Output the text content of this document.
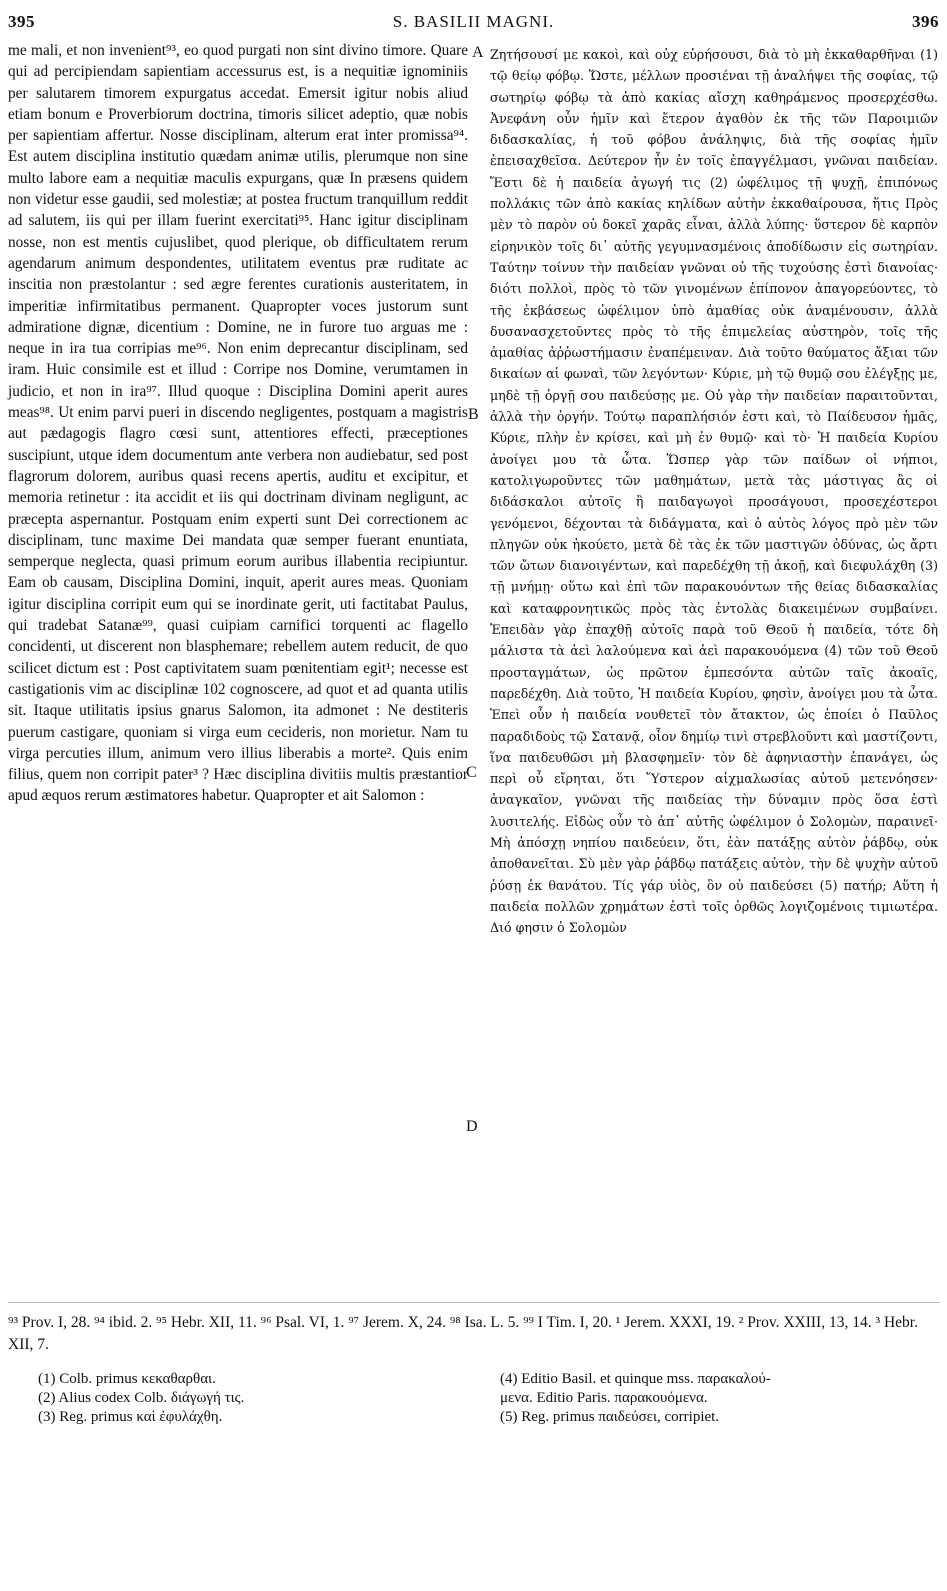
395	S. BASILII MAGNI.	396

me mali, et non invenient⁹³, eo quod purgati non sint divino timore. Quare qui ad percipiendam sapientiam accessurus est, is a nequitiæ ignominiis per salutarem timorem expurgatus accedat. Emersit igitur nobis aliud etiam bonum e Proverbiorum doctrina, timoris silicet adeptio, quæ nobis per sapientiam affertur. Nosse disciplinam, alterum erat inter promissa⁹⁴. Est autem disciplina institutio quædam animæ utilis, plerumque non sine multo labore eam a nequitiæ maculis expurgans, quæ In præsens quidem non videtur esse gaudii, sed molestiæ; at postea fructum tranquillum reddit ad salutem, iis qui per illam fuerint exercitati⁹⁵. Hanc igitur disciplinam nosse, non est mentis cujuslibet, quod plerique, ob difficultatem rerum agendarum animum despondentes, utilitatem eventus præ ruditate ac inscitia non præstolantur : sed ægre ferentes curationis austeritatem, in imperitiæ infirmitatibus permanent. Quapropter voces justorum sunt admiratione dignæ, dicentium : Domine, ne in furore tuo arguas me : neque in ira tua corripias me⁹⁶. Non enim deprecantur disciplinam, sed iram. Huic consimile est et illud : Corripe nos Domine, verumtamen in judicio, et non in ira⁹⁷. Illud quoque : Disciplina Domini aperit aures meas⁹⁸. Ut enim parvi pueri in discendo negligentes, postquam a magistris aut pædagogis flagro cœsi sunt, attentiores effecti, præceptiones suscipiunt, utque idem documentum ante verbera non audiebatur, sed post flagrorum dolorem, auribus quasi recens apertis, auditu et excipitur, et memoria retinetur : ita accidit et iis qui doctrinam divinam negligunt, ac præcepta aspernantur. Postquam enim experti sunt Dei correctionem ac disciplinam, tunc maxime Dei mandata quæ semper fuerant enuntiata, semperque neglecta, quasi primum eorum auribus illabentia recipiuntur. Eam ob causam, Disciplina Domini, inquit, aperit aures meas. Quoniam igitur disciplina corripit eum qui se inordinate gerit, uti factitabat Paulus, qui tradebat Satanæ⁹⁹, quasi cuipiam carnifici torquenti ac flagello concidenti, ut discerent non blasphemare; rebellem autem reducit, de quo scilicet dictum est : Post captivitatem suam pœnitentiam egit¹; necesse est castigationis vim ac disciplinæ 102 cognoscere, ad quot et ad quanta utilis sit. Itaque utilitatis ipsius gnarus Salomon, ita admonet : Ne destiteris puerum castigare, quoniam si virga eum cecideris, non morietur. Nam tu virga percuties illum, animum vero illius liberabis a morte². Quis enim filius, quem non corripit pater³ ? Hæc disciplina divitiis multis præstantior apud æquos rerum æstimatores habetur. Quapropter et ait Salomon :

A
B
C
D

Ζητήσουσί με κακοὶ, καὶ οὐχ εὑρήσουσι, διὰ τὸ μὴ ἐκκαθαρθῆναι (1) τῷ θείῳ φόβῳ. Ὥστε, μέλλων προσιέναι τῇ ἀναλήψει τῆς σοφίας, τῷ σωτηρίῳ φόβῳ τὰ ἀπὸ κακίας αἴσχη καθηράμενος προσερχέσθω. Ἀνεφάνη οὖν ἡμῖν καὶ ἕτερον ἀγαθὸν ἐκ τῆς τῶν Παροιμιῶν διδασκαλίας, ἡ τοῦ φόβου ἀνάληψις, διὰ τῆς σοφίας ἡμῖν ἐπεισαχθεῖσα. Δεύτερον ἦν ἐν τοῖς ἐπαγγέλμασι, γνῶναι παιδείαν. Ἔστι δὲ ἡ παιδεία ἀγωγή τις (2) ὠφέλιμος τῇ ψυχῇ, ἐπιπόνως πολλάκις τῶν ἀπὸ κακίας κηλίδων αὐτὴν ἐκκαθαίρουσα, ἥτις Πρὸς μὲν τὸ παρὸν οὐ δοκεῖ χαρᾶς εἶναι, ἀλλὰ λύπης· ὕστερον δὲ καρπὸν εἰρηνικὸν τοῖς δι᾿ αὐτῆς γεγυμνασμένοις ἀποδίδωσιν εἰς σωτηρίαν. Ταύτην τοίνυν τὴν παιδείαν γνῶναι οὐ τῆς τυχούσης ἐστὶ διανοίας· διότι πολλοὶ, πρὸς τὸ τῶν γινομένων ἐπίπονον ἀπαγορεύοντες, τὸ τῆς ἐκβάσεως ὠφέλιμον ὑπὸ ἀμαθίας οὐκ ἀναμένουσιν, ἀλλὰ δυσανασχετοῦντες πρὸς τὸ τῆς ἐπιμελείας αὐστηρὸν, τοῖς τῆς ἀμαθίας ἀῤῥωστήμασιν ἐναπέμειναν. Διὰ τοῦτο θαύματος ἄξιαι τῶν δικαίων αἱ φωναὶ, τῶν λεγόντων· Κύριε, μὴ τῷ θυμῷ σου ἐλέγξῃς με, μηδὲ τῇ ὀργῇ σου παιδεύσῃς με. Οὐ γὰρ τὴν παιδείαν παραιτοῦνται, ἀλλὰ τὴν ὀργήν. Τούτῳ παραπλήσιόν ἐστι καὶ, τὸ Παίδευσον ἡμᾶς, Κύριε, πλὴν ἐν κρίσει, καὶ μὴ ἐν θυμῷ· καὶ τὸ· Ἡ παιδεία Κυρίου ἀνοίγει μου τὰ ὦτα. Ὥσπερ γὰρ τῶν παίδων οἱ νήπιοι, κατολιγωροῦντες τῶν μαθημάτων, μετὰ τὰς μάστιγας ἃς οἱ διδάσκαλοι αὐτοῖς ἢ παιδαγωγοὶ προσάγουσι, προσεχέστεροι γενόμενοι, δέχονται τὰ διδάγματα, καὶ ὁ αὐτὸς λόγος πρὸ μὲν τῶν πληγῶν οὐκ ἠκούετο, μετὰ δὲ τὰς ἐκ τῶν μαστιγῶν ὀδύνας, ὡς ἄρτι τῶν ὤτων διανοιγέντων, καὶ παρεδέχθη τῇ ἀκοῇ, καὶ διεφυλάχθη (3) τῇ μνήμῃ· οὕτω καὶ ἐπὶ τῶν παρακουόντων τῆς θείας διδασκαλίας καὶ καταφρονητικῶς πρὸς τὰς ἐντολὰς διακειμένων συμβαίνει. Ἐπειδὰν γὰρ ἐπαχθῇ αὐτοῖς παρὰ τοῦ Θεοῦ ἡ παιδεία, τότε δὴ μάλιστα τὰ ἀεὶ λαλούμενα καὶ ἀεὶ παρακουόμενα (4) τῶν τοῦ Θεοῦ προσταγμάτων, ὡς πρῶτον ἐμπεσόντα αὐτῶν ταῖς ἀκοαῖς, παρεδέχθη. Διὰ τοῦτο, Ἡ παιδεία Κυρίου, φησὶν, ἀνοίγει μου τὰ ὦτα. Ἐπεὶ οὖν ἡ παιδεία νουθετεῖ τὸν ἄτακτον, ὡς ἐποίει ὁ Παῦλος παραδιδοὺς τῷ Σατανᾷ, οἷον δημίῳ τινὶ στρεβλοῦντι καὶ μαστίζοντι, ἵνα παιδευθῶσι μὴ βλασφημεῖν· τὸν δὲ ἀφηνιαστὴν ἐπανάγει, ὡς περὶ οὗ εἴρηται, ὅτι Ὕστερον αἰχμαλωσίας αὐτοῦ μετενόησεν· ἀναγκαῖον, γνῶναι τῆς παιδείας τὴν δύναμιν πρὸς ὅσα ἐστὶ λυσιτελής. Εἰδὼς οὖν τὸ ἀπ᾿ αὐτῆς ὠφέλιμον ὁ Σολομὼν, παραινεῖ· Μὴ ἀπόσχῃ νηπίου παιδεύειν, ὅτι, ἐὰν πατάξῃς αὐτὸν ῥάβδῳ, οὐκ ἀποθανεῖται. Σὺ μὲν γὰρ ῥάβδῳ πατάξεις αὐτὸν, τὴν δὲ ψυχὴν αὐτοῦ ῥύσῃ ἐκ θανάτου. Τίς γάρ υἱὸς, ὃν οὐ παιδεύσει (5) πατήρ; Αὕτη ἡ παιδεία πολλῶν χρημάτων ἐστὶ τοῖς ὀρθῶς λογιζομένοις τιμιωτέρα. Διό φησιν ὁ Σολομὼν

⁹³ Prov. I, 28. ⁹⁴ ibid. 2. ⁹⁵ Hebr. XII, 11. ⁹⁶ Psal. VI, 1. ⁹⁷ Jerem. X, 24. ⁹⁸ Isa. L. 5. ⁹⁹ I Tim. I, 20. ¹ Jerem. XXXI, 19. ² Prov. XXIII, 13, 14. ³ Hebr. XII, 7.
(1) Colb. primus κεκαθαρθαι.
(2) Alius codex Colb. διάγωγή τις.
(3) Reg. primus καὶ ἐφυλάχθη.
(4) Editio Basil. et quinque mss. παρακαλού-
μενα. Editio Paris. παρακουόμενα.
(5) Reg. primus παιδεύσει, corripiet.
